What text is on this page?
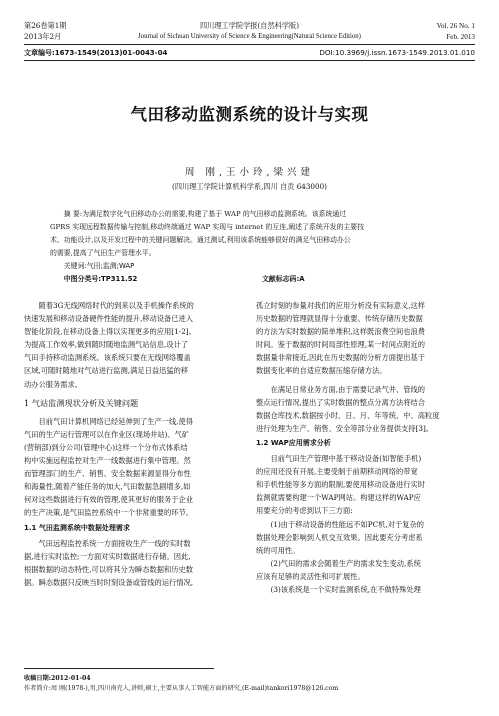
第26卷第1期	四川理工学院学报(自然科学版)	Vol. 26 No. 1
2013年2月	Journal of Sichuan University of Science & Engineering(Natural Science Edition)	Feb. 2013
文章编号:1673-1549(2013)01-0043-04	DOI:10.3969/j.issn.1673-1549.2013.01.010
气田移动监测系统的设计与实现
周 刚,王小玲,梁兴建
(四川理工学院计算机科学系,四川 自贡 643000)
摘 要:为满足数字化气田移动办公的需要,构建了基于 WAP 的气田移动监测系统。该系统通过
GPRS 实现远程数据传输与控制,移动终端通过 WAP 实现与 internet 的互连,阐述了系统开发的主要技
术、功能设计,以及开发过程中的关键问题解决。通过测试,利用该系统能够很好的满足气田移动办公
的需要,提高了气田生产管理水平。
关键词:气田;监测;WAP
中图分类号:TP311.52	文献标志码:A
随着3G无线网络时代的到来以及手机操作系统的
快速发展和移动设备硬件性能的提升,移动设备已进入
智能化阶段,在移动设备上得以实现更多的应用[1-2]。
为提高工作效率,做到随时随地监测气站信息,设计了
气田手持移动监测系统。该系统只要在无线网络覆盖
区域,可随时随地对气站进行监测,满足日益迅猛的移
动办公服务需求。
1 气站监测现状分析及关键问题
目前气田计算机网络已经延伸到了生产一线,使得
气田的生产运行管理可以在作业区(现场井站)、气矿
(营销部)到分公司(管理中心)这样一个分布式体系结
构中实施远程监控对生产一线数据进行集中管理。然
而管理部门的生产、销售、安全数据来源显得分布性
和海量性,随着产能任务的加大,气田数据急剧增多,如
何对这些数据进行有效的管理,使其更好的服务于企业
的生产决策,是气田监控系统中一个非常重要的环节。
1.1 气田监测系统中数据处理需求
气田远程监控系统一方面接收生产一线的实时数
据,进行实时监控;一方面对实时数据进行存储。因此,
根据数据的动态特性,可以将其分为瞬态数据和历史数
据。瞬态数据只反映当时时刻设备或管线的运行情况,
孤立时刻的参量对我们的应用分析没有实际意义,这样
历史数据的管理就显得十分重要。传统存储历史数据
的方法为实时数据的简单堆积,这样既浪费空间也浪费
时间。鉴于数据的时间局部性原理,某一时间点附近的
数据量非常接近,因此在历史数据的分析方面提出基于
数据变化率的自适应数据压缩存储方法。
在满足日常业务方面,由于需要记录气井、管线的
整点运行情况,提出了实时数据的整点分离方法将结合
数据仓库技术,数据按小时、日、月、年等统、中、高粒度
进行处理为生产、销售、安全等部分业务提供支持[3]。
1.2 WAP应用需求分析
目前气田生产管理中基于移动设备(如智能手机)
的应用还没有开展,主要受制于前期移动网络的带宽
和手机性能等多方面的限制,要使用移动设备进行实时
监测就需要构建一个WAP网站。构建这样的WAP应
用要充分的考虑到以下三方面:
(1)由于移动设备的性能远不如PC机,对于复杂的
数据处理会影响到人机交互效果。因此要充分考虑系
统的可用性。
(2)气田的需求会随着生产的需求发生变动,系统
应该有足够的灵活性和可扩展性。
(3)该系统是一个实时监测系统,在不做特殊处理
收稿日期:2012-01-04
作者简介:周 刚(1978-),男,四川南充人,讲师,硕士,主要从事人工智能方面的研究,(E-mail)tankori1978@126.com
